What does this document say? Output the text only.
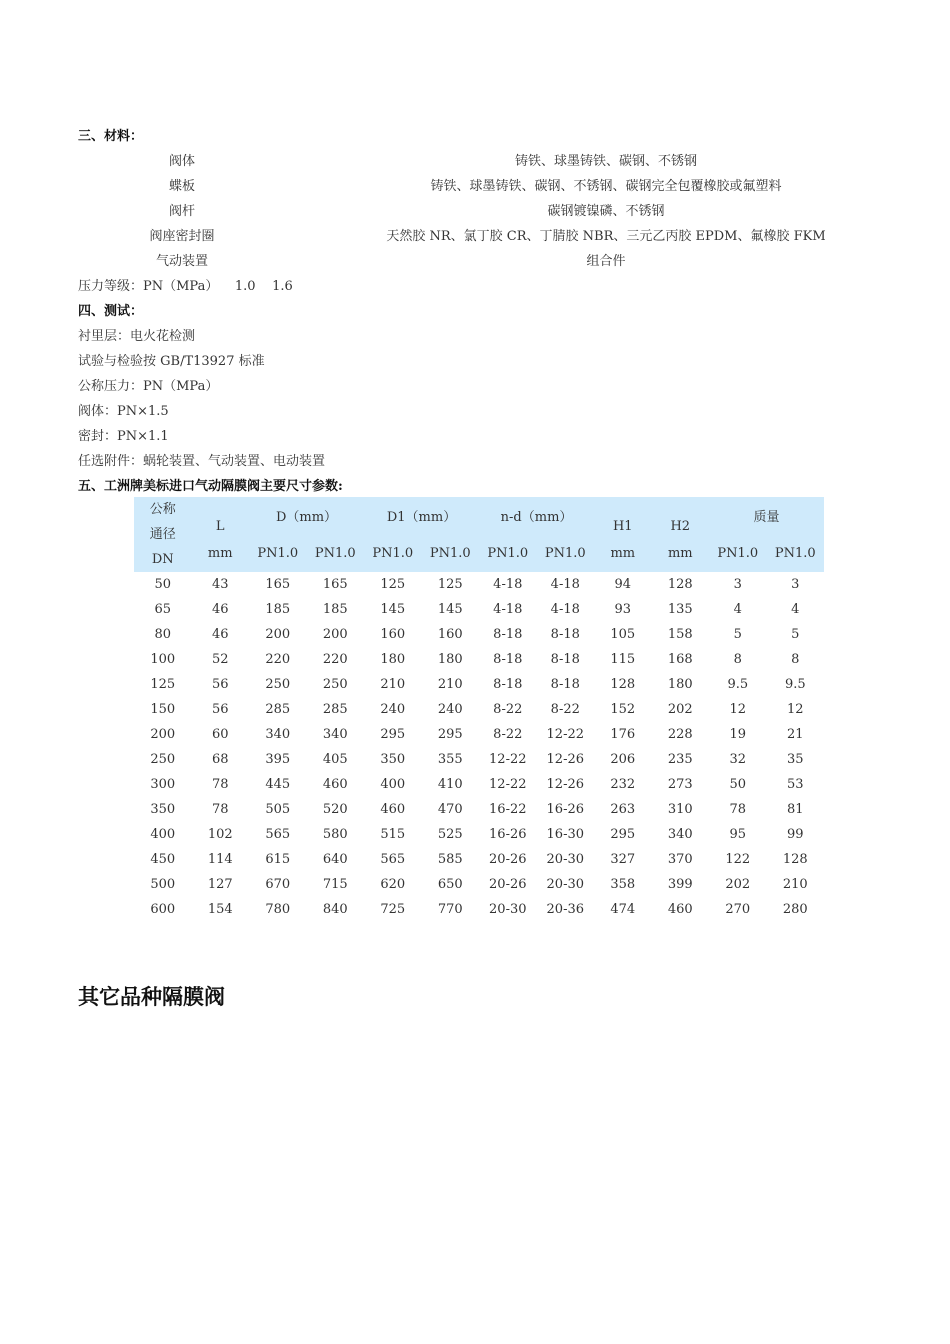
三、材料：
阀体	铸铁、球墨铸铁、碳钢、不锈钢
蝶板	铸铁、球墨铸铁、碳钢、不锈钢、碳钢完全包覆橡胶或氟塑料
阀杆	碳钢镀镍磷、不锈钢
阀座密封圈	天然胶 NR、氯丁胶 CR、丁腈胶 NBR、三元乙丙胶 EPDM、氟橡胶 FKM
气动装置	组合件
压力等级：PN（MPa）    1.0    1.6
四、测试：
衬里层：电火花检测
试验与检验按 GB/T13927 标准
公称压力：PN（MPa）
阀体：PN×1.5
密封：PN×1.1
任选附件：蜗轮装置、气动装置、电动装置
五、工洲牌美标进口气动隔膜阀主要尺寸参数:
公称
通径
DN	L	D（mm）		D1（mm）		n-d（mm）		H1	H2	质量	
	mm	PN1.0	PN1.0	PN1.0	PN1.0	PN1.0	PN1.0	mm	mm	PN1.0	PN1.0
50	43	165	165	125	125	4-18	4-18	94	128	3	3
65	46	185	185	145	145	4-18	4-18	93	135	4	4
80	46	200	200	160	160	8-18	8-18	105	158	5	5
100	52	220	220	180	180	8-18	8-18	115	168	8	8
125	56	250	250	210	210	8-18	8-18	128	180	9.5	9.5
150	56	285	285	240	240	8-22	8-22	152	202	12	12
200	60	340	340	295	295	8-22	12-22	176	228	19	21
250	68	395	405	350	355	12-22	12-26	206	235	32	35
300	78	445	460	400	410	12-22	12-26	232	273	50	53
350	78	505	520	460	470	16-22	16-26	263	310	78	81
400	102	565	580	515	525	16-26	16-30	295	340	95	99
450	114	615	640	565	585	20-26	20-30	327	370	122	128
500	127	670	715	620	650	20-26	20-30	358	399	202	210
600	154	780	840	725	770	20-30	20-36	474	460	270	280
其它品种隔膜阀
